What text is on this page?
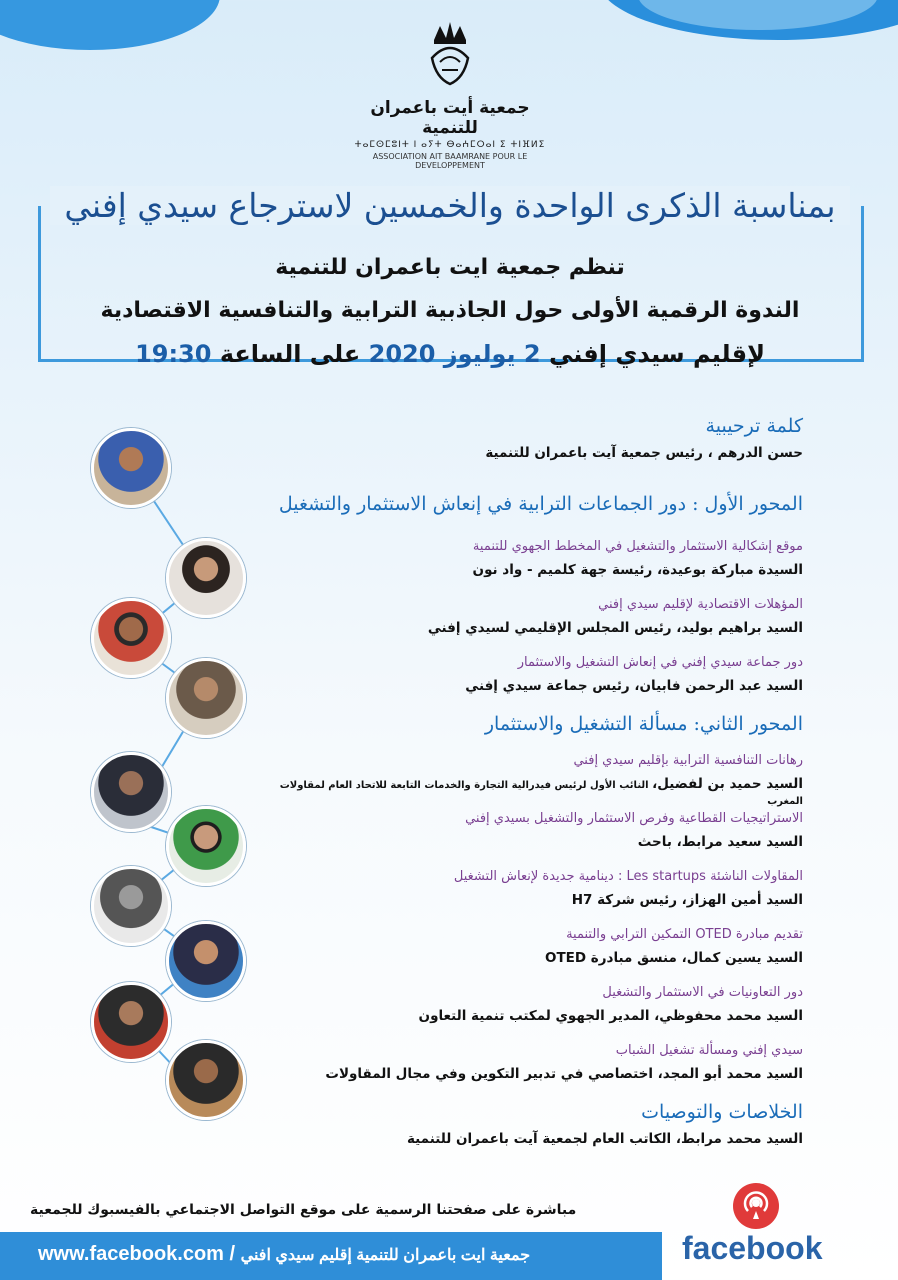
جمعية أيت باعمران للتنمية
ⵜⴰⵎⵙⵎⵓⵏⵜ ⵏ ⴰⵢⵜ ⴱⴰⵄⵎⵔⴰⵏ ⵉ ⵜⵏⴼⵍⵉ
ASSOCIATION AIT BAAMRANE POUR LE DEVELOPPEMENT
بمناسبة الذكرى الواحدة والخمسين لاسترجاع سيدي إفني
تنظم جمعية ايت باعمران للتنمية
الندوة الرقمية الأولى حول الجاذبية الترابية والتنافسية الاقتصادية
لإقليم سيدي إفني 2 يوليوز 2020 على الساعة 19:30

كلمة ترحيبية

حسن الدرهم ، رئيس جمعية آيت باعمران للتنمية

المحور الأول : دور الجماعات الترابية في إنعاش الاستثمار والتشغيل

موقع إشكالية الاستثمار والتشغيل في المخطط الجهوي للتنمية

السيدة مباركة بوعيدة، رئيسة جهة كلميم - واد نون

المؤهلات الاقتصادية لإقليم سيدي إفني

السيد براهيم بوليد، رئيس المجلس الإقليمي لسيدي إفني

دور جماعة سيدي إفني في إنعاش التشغيل والاستثمار

السيد عبد الرحمن فابيان، رئيس جماعة سيدي إفني

المحور الثاني: مسألة التشغيل والاستثمار

رهانات التنافسية الترابية بإقليم سيدي إفني

السيد حميد بن لفضيل، النائب الأول لرئيس فيدرالية التجارة والخدمات التابعة للاتحاد العام لمقاولات المغرب

الاستراتيجيات القطاعية وفرص الاستثمار والتشغيل بسيدي إفني

السيد سعيد مرابط، باحث

المقاولات الناشئة Les startups : دينامية جديدة لإنعاش التشغيل

السيد أمين الهزاز، رئيس شركة H7

تقديم مبادرة OTED التمكين الترابي والتنمية

السيد يسين كمال، منسق مبادرة OTED

دور التعاونيات في الاستثمار والتشغيل

السيد محمد محفوظي، المدير الجهوي لمكتب تنمية التعاون

سيدي إفني ومسألة تشغيل الشباب

السيد محمد أبو المجد، اختصاصي في تدبير التكوين وفي مجال المقاولات

الخلاصات والتوصيات

السيد محمد مرابط، الكاتب العام لجمعية آيت باعمران للتنمية

مباشرة على صفحتنا الرسمية على موقع التواصل الاجتماعي بالفيسبوك للجمعية
www.facebook.com / جمعية ايت باعمران للتنمية إقليم سيدي افني	facebook
